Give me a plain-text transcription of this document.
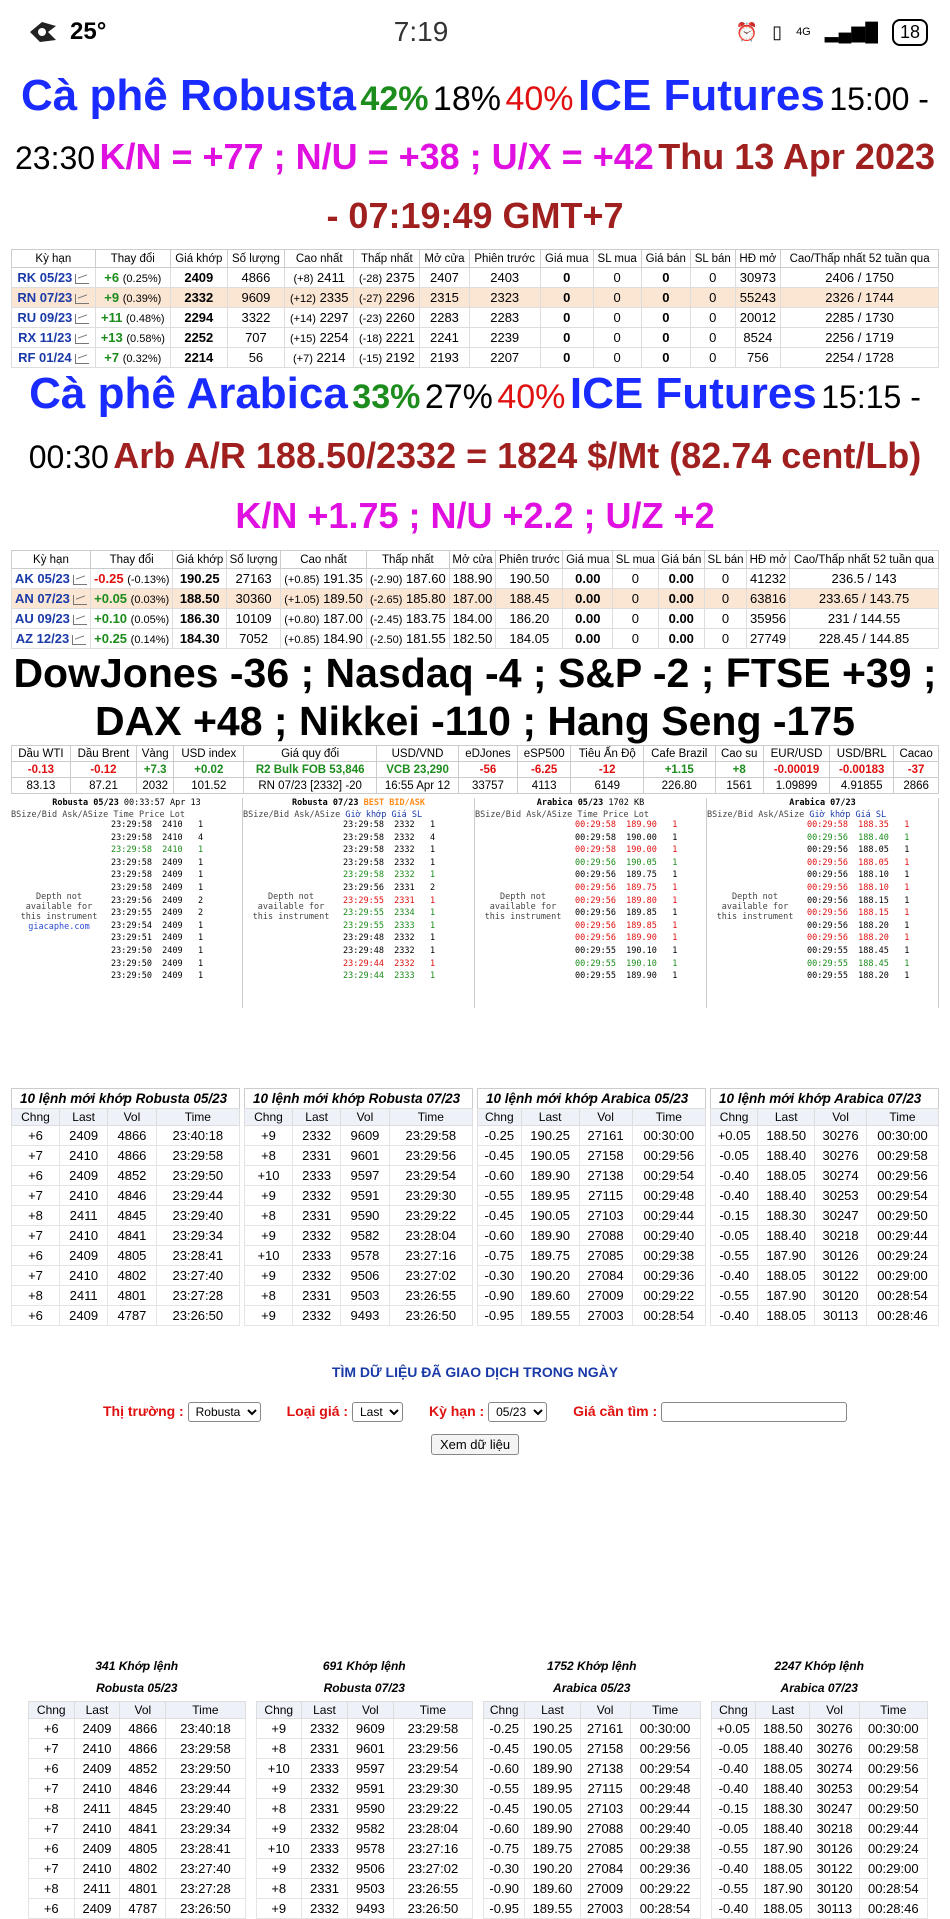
25°	7:19	⏰ ▯ 4G ▂▄▆█	18

Cà phê Robusta 42% 18% 40% ICE Futures 15:00 - 23:30 K/N = +77 ; N/U = +38 ; U/X = +42 Thu 13 Apr 2023 - 07:19:49 GMT+7
Kỳ hạn	Thay đổi	Giá khớp	Số lượng	Cao nhất	Thấp nhất	Mở cửa	Phiên trước	Giá mua	SL mua	Giá bán	SL bán	HĐ mở	Cao/Thấp nhất 52 tuần qua
RK 05/23	+6 (0.25%)	2409	4866	(+8) 2411	(-28) 2375	2407	2403	0	0	0	0	30973	2406 / 1750
RN 07/23	+9 (0.39%)	2332	9609	(+12) 2335	(-27) 2296	2315	2323	0	0	0	0	55243	2326 / 1744
RU 09/23	+11 (0.48%)	2294	3322	(+14) 2297	(-23) 2260	2283	2283	0	0	0	0	20012	2285 / 1730
RX 11/23	+13 (0.58%)	2252	707	(+15) 2254	(-18) 2221	2241	2239	0	0	0	0	8524	2256 / 1719
RF 01/24	+7 (0.32%)	2214	56	(+7) 2214	(-15) 2192	2193	2207	0	0	0	0	756	2254 / 1728
Cà phê Arabica 33% 27% 40% ICE Futures 15:15 - 00:30 Arb A/R 188.50/2332 = 1824 $/Mt (82.74 cent/Lb) K/N +1.75 ; N/U +2.2 ; U/Z +2
Kỳ hạn	Thay đổi	Giá khớp	Số lượng	Cao nhất	Thấp nhất	Mở cửa	Phiên trước	Giá mua	SL mua	Giá bán	SL bán	HĐ mở	Cao/Thấp nhất 52 tuần qua
AK 05/23	-0.25 (-0.13%)	190.25	27163	(+0.85) 191.35	(-2.90) 187.60	188.90	190.50	0.00	0	0.00	0	41232	236.5 / 143
AN 07/23	+0.05 (0.03%)	188.50	30360	(+1.05) 189.50	(-2.65) 185.80	187.00	188.45	0.00	0	0.00	0	63816	233.65 / 143.75
AU 09/23	+0.10 (0.05%)	186.30	10109	(+0.80) 187.00	(-2.45) 183.75	184.00	186.20	0.00	0	0.00	0	35956	231 / 144.55
AZ 12/23	+0.25 (0.14%)	184.30	7052	(+0.85) 184.90	(-2.50) 181.55	182.50	184.05	0.00	0	0.00	0	27749	228.45 / 144.85
DowJones -36 ; Nasdaq -4 ; S&P -2 ; FTSE +39 ; DAX +48 ; Nikkei -110 ; Hang Seng -175
Dầu WTI	Dầu Brent	Vàng	USD index	Giá quy đổi	USD/VND	eDJones	eSP500	Tiêu Ấn Độ	Cafe Brazil	Cao su	EUR/USD	USD/BRL	Cacao
-0.13	-0.12	+7.3	+0.02	R2 Bulk FOB 53,846	VCB 23,290	-56	-6.25	-12	+1.15	+8	-0.00019	-0.00183	-37
83.13	87.21	2032	101.52	RN 07/23 [2332] -20	16:55 Apr 12	33757	4113	6149	226.80	1561	1.09899	4.91855	2866
Robusta 05/23 00:33:57 Apr 13
BSize/Bid Ask/ASize Time Price Lot
Depth not available for this instrument
giacaphe.com
23:29:58  2410   1
23:29:58  2410   4
23:29:58  2410   1
23:29:58  2409   1
23:29:58  2409   1
23:29:58  2409   1
23:29:56  2409   2
23:29:55  2409   2
23:29:54  2409   1
23:29:51  2409   1
23:29:50  2409   1
23:29:50  2409   1
23:29:50  2409   1
Robusta 07/23 BEST BID/ASK
BSize/Bid Ask/ASize Giờ khớp Giá SL
Depth not available for this instrument
23:29:58  2332   1
23:29:58  2332   4
23:29:58  2332   1
23:29:58  2332   1
23:29:58  2332   1
23:29:56  2331   2
23:29:55  2331   1
23:29:55  2334   1
23:29:55  2333   1
23:29:48  2332   1
23:29:48  2332   1
23:29:44  2332   1
23:29:44  2333   1
Arabica 05/23 1702 KB
BSize/Bid Ask/ASize Time Price Lot
Depth not available for this instrument
00:29:58  189.90   1
00:29:58  190.00   1
00:29:58  190.00   1
00:29:56  190.05   1
00:29:56  189.75   1
00:29:56  189.75   1
00:29:56  189.80   1
00:29:56  189.85   1
00:29:56  189.85   1
00:29:56  189.90   1
00:29:55  190.10   1
00:29:55  190.10   1
00:29:55  189.90   1
Arabica 07/23
BSize/Bid Ask/ASize Giờ khớp Giá SL
Depth not available for this instrument
00:29:58  188.35   1
00:29:56  188.40   1
00:29:56  188.05   1
00:29:56  188.05   1
00:29:56  188.10   1
00:29:56  188.10   1
00:29:56  188.15   1
00:29:56  188.15   1
00:29:56  188.20   1
00:29:56  188.20   1
00:29:55  188.45   1
00:29:55  188.45   1
00:29:55  188.20   1
10 lệnh mới khớp Robusta 05/23
Chng	Last	Vol	Time
+6	2409	4866	23:40:18
+7	2410	4866	23:29:58
+6	2409	4852	23:29:50
+7	2410	4846	23:29:44
+8	2411	4845	23:29:40
+7	2410	4841	23:29:34
+6	2409	4805	23:28:41
+7	2410	4802	23:27:40
+8	2411	4801	23:27:28
+6	2409	4787	23:26:50
10 lệnh mới khớp Robusta 07/23
Chng	Last	Vol	Time
+9	2332	9609	23:29:58
+8	2331	9601	23:29:56
+10	2333	9597	23:29:54
+9	2332	9591	23:29:30
+8	2331	9590	23:29:22
+9	2332	9582	23:28:04
+10	2333	9578	23:27:16
+9	2332	9506	23:27:02
+8	2331	9503	23:26:55
+9	2332	9493	23:26:50
10 lệnh mới khớp Arabica 05/23
Chng	Last	Vol	Time
-0.25	190.25	27161	00:30:00
-0.45	190.05	27158	00:29:56
-0.60	189.90	27138	00:29:54
-0.55	189.95	27115	00:29:48
-0.45	190.05	27103	00:29:44
-0.60	189.90	27088	00:29:40
-0.75	189.75	27085	00:29:38
-0.30	190.20	27084	00:29:36
-0.90	189.60	27009	00:29:22
-0.95	189.55	27003	00:28:54
10 lệnh mới khớp Arabica 07/23
Chng	Last	Vol	Time
+0.05	188.50	30276	00:30:00
-0.05	188.40	30276	00:29:58
-0.40	188.05	30274	00:29:56
-0.40	188.40	30253	00:29:54
-0.15	188.30	30247	00:29:50
-0.05	188.40	30218	00:29:44
-0.55	187.90	30126	00:29:24
-0.40	188.05	30122	00:29:00
-0.55	187.90	30120	00:28:54
-0.40	188.05	30113	00:28:46
TÌM DỮ LIỆU ĐÃ GIAO DỊCH TRONG NGÀY
Thị trường :
Robusta	Loại giá :
Last	Kỳ hạn :
05/23	Giá cần tìm :
Xem dữ liệu
341 Khớp lệnh
Robusta 05/23
Chng	Last	Vol	Time
+6	2409	4866	23:40:18
+7	2410	4866	23:29:58
+6	2409	4852	23:29:50
+7	2410	4846	23:29:44
+8	2411	4845	23:29:40
+7	2410	4841	23:29:34
+6	2409	4805	23:28:41
+7	2410	4802	23:27:40
+8	2411	4801	23:27:28
+6	2409	4787	23:26:50
691 Khớp lệnh
Robusta 07/23
Chng	Last	Vol	Time
+9	2332	9609	23:29:58
+8	2331	9601	23:29:56
+10	2333	9597	23:29:54
+9	2332	9591	23:29:30
+8	2331	9590	23:29:22
+9	2332	9582	23:28:04
+10	2333	9578	23:27:16
+9	2332	9506	23:27:02
+8	2331	9503	23:26:55
+9	2332	9493	23:26:50
1752 Khớp lệnh
Arabica 05/23
Chng	Last	Vol	Time
-0.25	190.25	27161	00:30:00
-0.45	190.05	27158	00:29:56
-0.60	189.90	27138	00:29:54
-0.55	189.95	27115	00:29:48
-0.45	190.05	27103	00:29:44
-0.60	189.90	27088	00:29:40
-0.75	189.75	27085	00:29:38
-0.30	190.20	27084	00:29:36
-0.90	189.60	27009	00:29:22
-0.95	189.55	27003	00:28:54
2247 Khớp lệnh
Arabica 07/23
Chng	Last	Vol	Time
+0.05	188.50	30276	00:30:00
-0.05	188.40	30276	00:29:58
-0.40	188.05	30274	00:29:56
-0.40	188.40	30253	00:29:54
-0.15	188.30	30247	00:29:50
-0.05	188.40	30218	00:29:44
-0.55	187.90	30126	00:29:24
-0.40	188.05	30122	00:29:00
-0.55	187.90	30120	00:28:54
-0.40	188.05	30113	00:28:46
